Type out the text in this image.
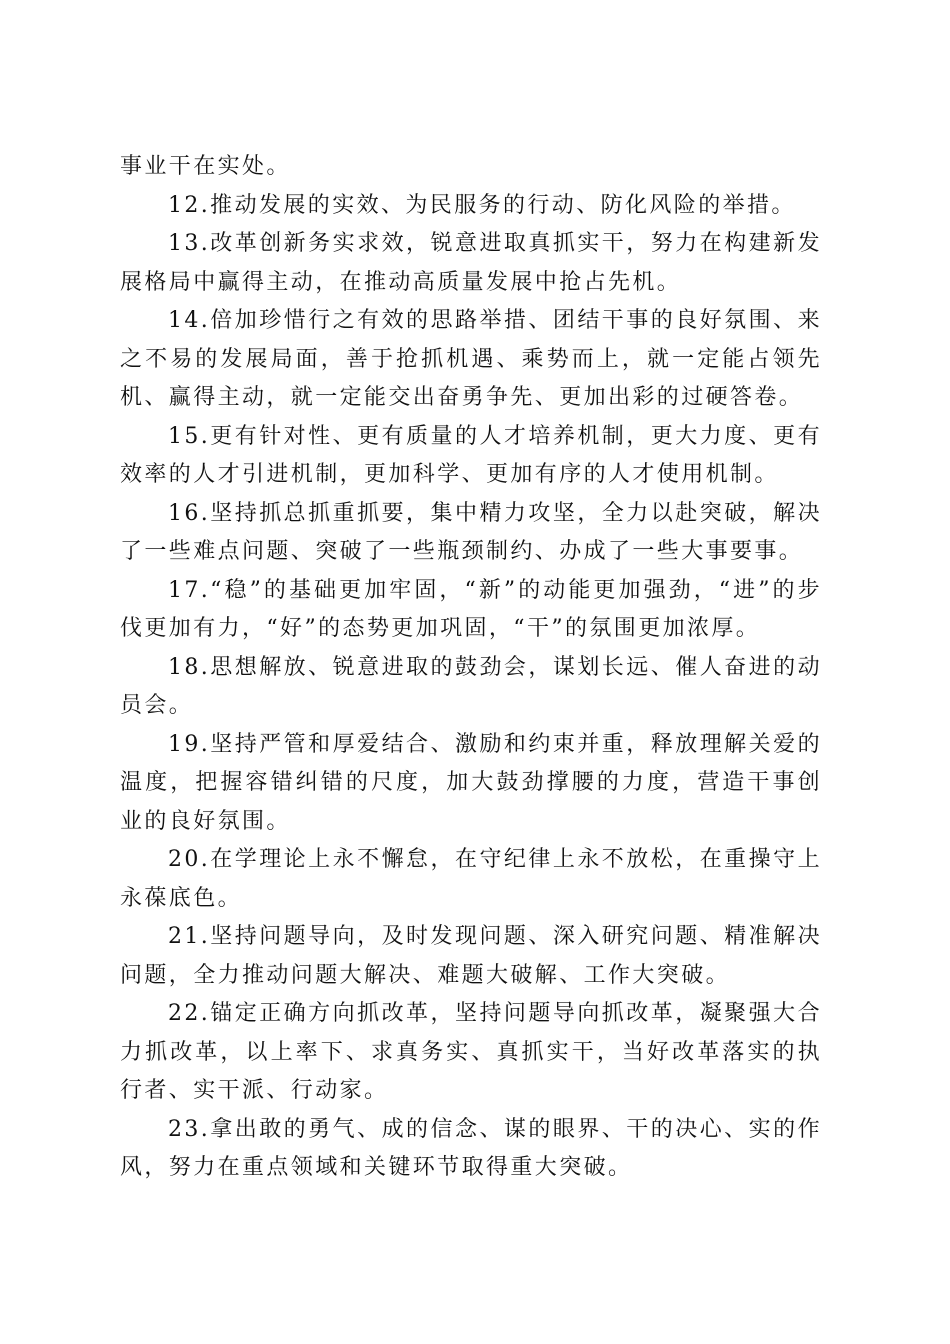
事业干在实处。

12.推动发展的实效、为民服务的行动、防化风险的举措。

13.改革创新务实求效，锐意进取真抓实干，努力在构建新发展格局中赢得主动，在推动高质量发展中抢占先机。

14.倍加珍惜行之有效的思路举措、团结干事的良好氛围、来之不易的发展局面，善于抢抓机遇、乘势而上，就一定能占领先机、赢得主动，就一定能交出奋勇争先、更加出彩的过硬答卷。

15.更有针对性、更有质量的人才培养机制，更大力度、更有效率的人才引进机制，更加科学、更加有序的人才使用机制。

16.坚持抓总抓重抓要，集中精力攻坚，全力以赴突破，解决了一些难点问题、突破了一些瓶颈制约、办成了一些大事要事。

17.“稳”的基础更加牢固，“新”的动能更加强劲，“进”的步伐更加有力，“好”的态势更加巩固，“干”的氛围更加浓厚。

18.思想解放、锐意进取的鼓劲会，谋划长远、催人奋进的动员会。

19.坚持严管和厚爱结合、激励和约束并重，释放理解关爱的温度，把握容错纠错的尺度，加大鼓劲撑腰的力度，营造干事创业的良好氛围。

20.在学理论上永不懈怠，在守纪律上永不放松，在重操守上永葆底色。

21.坚持问题导向，及时发现问题、深入研究问题、精准解决问题，全力推动问题大解决、难题大破解、工作大突破。

22.锚定正确方向抓改革，坚持问题导向抓改革，凝聚强大合力抓改革，以上率下、求真务实、真抓实干，当好改革落实的执行者、实干派、行动家。

23.拿出敢的勇气、成的信念、谋的眼界、干的决心、实的作风，努力在重点领域和关键环节取得重大突破。
